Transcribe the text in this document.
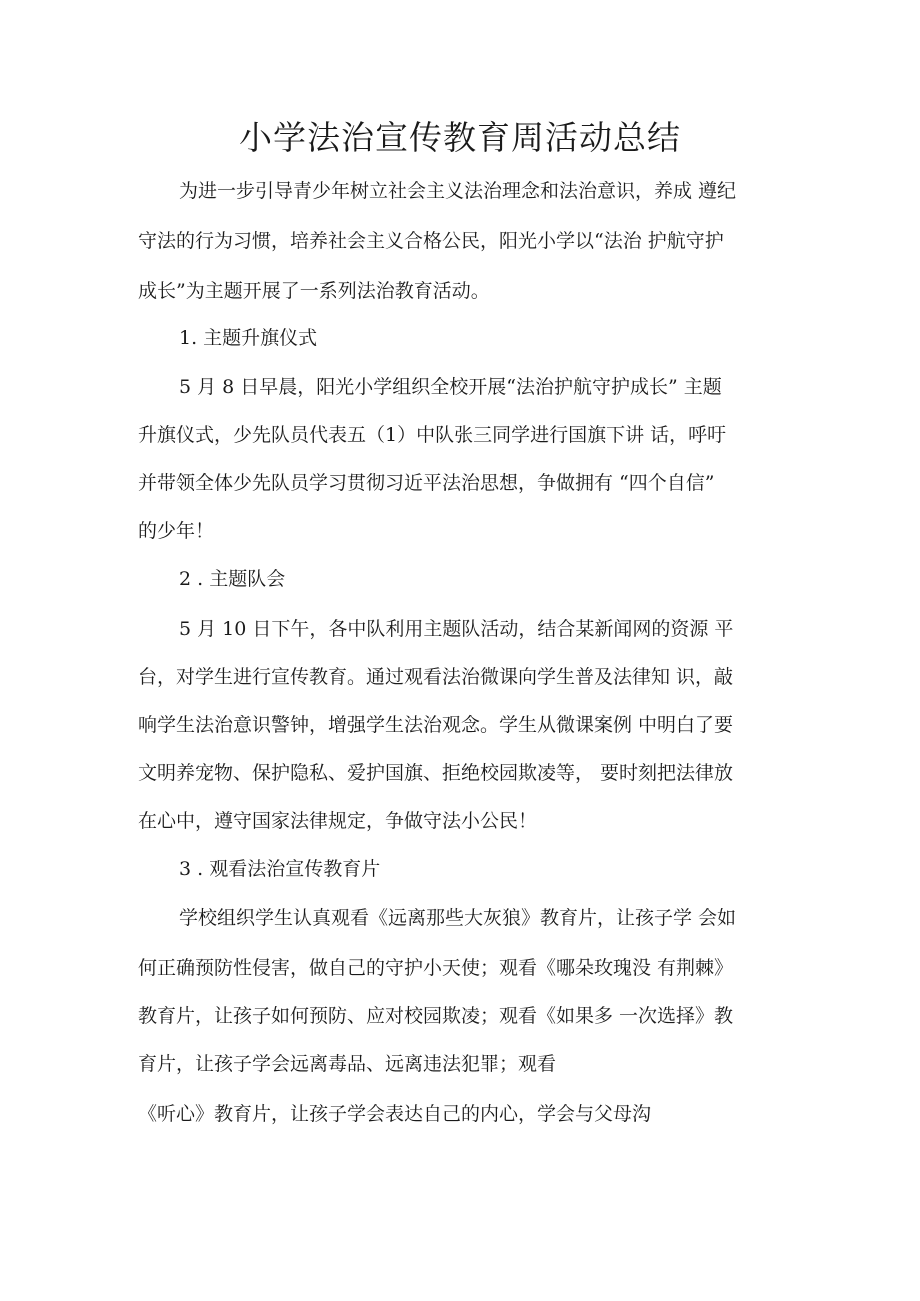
小学法治宣传教育周活动总结

为进一步引导青少年树立社会主义法治理念和法治意识，养成 遵纪

守法的行为习惯，培养社会主义合格公民，阳光小学以“法治 护航守护

成长”为主题开展了一系列法治教育活动。

1. 主题升旗仪式

5 月 8 日早晨，阳光小学组织全校开展“法治护航守护成长” 主题

升旗仪式，少先队员代表五（1）中队张三同学进行国旗下讲 话，呼吁

并带领全体少先队员学习贯彻习近平法治思想，争做拥有 “四个自信”

的少年！

2 . 主题队会

5 月 10 日下午，各中队利用主题队活动，结合某新闻网的资源 平

台，对学生进行宣传教育。通过观看法治微课向学生普及法律知 识，敲

响学生法治意识警钟，增强学生法治观念。学生从微课案例 中明白了要

文明养宠物、保护隐私、爱护国旗、拒绝校园欺凌等， 要时刻把法律放

在心中，遵守国家法律规定，争做守法小公民！

3 . 观看法治宣传教育片

学校组织学生认真观看《远离那些大灰狼》教育片，让孩子学 会如

何正确预防性侵害，做自己的守护小天使；观看《哪朵玫瑰没 有荆棘》

教育片，让孩子如何预防、应对校园欺凌；观看《如果多 一次选择》教

育片，让孩子学会远离毒品、远离违法犯罪；观看

《听心》教育片，让孩子学会表达自己的内心，学会与父母沟
